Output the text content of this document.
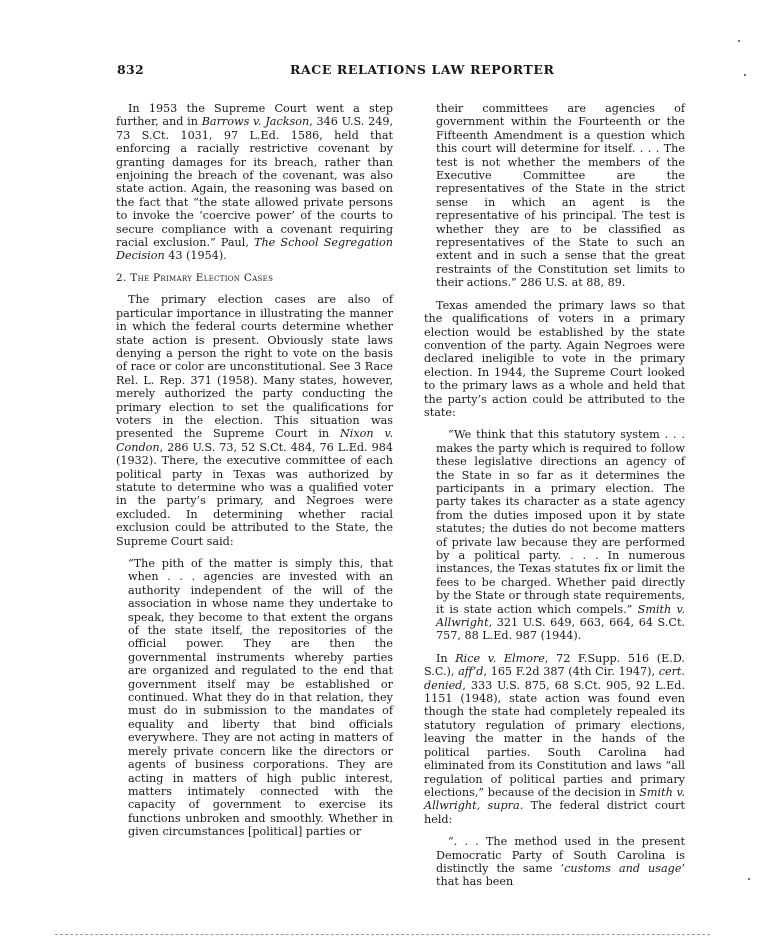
832	RACE RELATIONS LAW REPORTER

In 1953 the Supreme Court went a step further, and in Barrows v. Jackson, 346 U.S. 249, 73 S.Ct. 1031, 97 L.Ed. 1586, held that enforcing a racially restrictive covenant by granting damages for its breach, rather than enjoining the breach of the covenant, was also state action. Again, the reasoning was based on the fact that “the state allowed private persons to invoke the ‘coercive power’ of the courts to secure compliance with a covenant requiring racial exclusion.” Paul, The School Segregation Decision 43 (1954).

2. The Primary Election Cases

The primary election cases are also of particular importance in illustrating the manner in which the federal courts determine whether state action is present. Obviously state laws denying a person the right to vote on the basis of race or color are unconstitutional. See 3 Race Rel. L. Rep. 371 (1958). Many states, however, merely authorized the party conducting the primary election to set the qualifications for voters in the election. This situation was presented the Supreme Court in Nixon v. Condon, 286 U.S. 73, 52 S.Ct. 484, 76 L.Ed. 984 (1932). There, the executive committee of each political party in Texas was authorized by statute to determine who was a qualified voter in the party’s primary, and Negroes were excluded. In determining whether racial exclusion could be attributed to the State, the Supreme Court said:

“The pith of the matter is simply this, that when . . . agencies are invested with an authority independent of the will of the association in whose name they undertake to speak, they become to that extent the organs of the state itself, the repositories of the official power. They are then the governmental instruments whereby parties are organized and regulated to the end that government itself may be established or continued. What they do in that relation, they must do in submission to the mandates of equality and liberty that bind officials everywhere. They are not acting in matters of merely private concern like the directors or agents of business corporations. They are acting in matters of high public interest, matters intimately connected with the capacity of government to exercise its functions unbroken and smoothly. Whether in given circumstances [political] parties or

their committees are agencies of government within the Fourteenth or the Fifteenth Amendment is a question which this court will determine for itself. . . . The test is not whether the members of the Executive Committee are the representatives of the State in the strict sense in which an agent is the representative of his principal. The test is whether they are to be classified as representatives of the State to such an extent and in such a sense that the great restraints of the Constitution set limits to their actions.” 286 U.S. at 88, 89.

Texas amended the primary laws so that the qualifications of voters in a primary election would be established by the state convention of the party. Again Negroes were declared ineligible to vote in the primary election. In 1944, the Supreme Court looked to the primary laws as a whole and held that the party’s action could be attributed to the state:

“We think that this statutory system . . . makes the party which is required to follow these legislative directions an agency of the State in so far as it determines the participants in a primary election. The party takes its character as a state agency from the duties imposed upon it by state statutes; the duties do not become matters of private law because they are performed by a political party. . . . In numerous instances, the Texas statutes fix or limit the fees to be charged. Whether paid directly by the State or through state requirements, it is state action which compels.” Smith v. Allwright, 321 U.S. 649, 663, 664, 64 S.Ct. 757, 88 L.Ed. 987 (1944).

In Rice v. Elmore, 72 F.Supp. 516 (E.D. S.C.), aff’d, 165 F.2d 387 (4th Cir. 1947), cert. denied, 333 U.S. 875, 68 S.Ct. 905, 92 L.Ed. 1151 (1948), state action was found even though the state had completely repealed its statutory regulation of primary elections, leaving the matter in the hands of the political parties. South Carolina had eliminated from its Constitution and laws “all regulation of political parties and primary elections,” because of the decision in Smith v. Allwright, supra. The federal district court held:

“. . . The method used in the present Democratic Party of South Carolina is distinctly the same ‘customs and usage’ that has been
